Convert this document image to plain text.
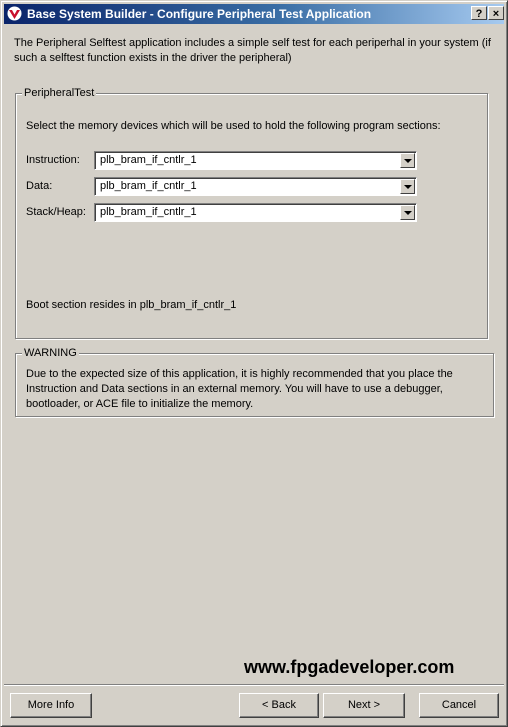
Base System Builder - Configure Peripheral Test Application	? ×
The Peripheral Selftest application includes a simple self test for each periperhal in your system (if such a selftest function exists in the driver the peripheral)
PeripheralTest
Select the memory devices which will be used to hold the following program sections:
Instruction: plb_bram_if_cntlr_1
Data:	plb_bram_if_cntlr_1
Stack/Heap: plb_bram_if_cntlr_1
Boot section resides in plb_bram_if_cntlr_1
WARNING
Due to the expected size of this application, it is highly recommended that you place the Instruction and Data sections in an external memory. You will have to use a debugger, bootloader, or ACE file to initialize the memory.
www.fpgadeveloper.com
More Info	< Back	Next >	Cancel
